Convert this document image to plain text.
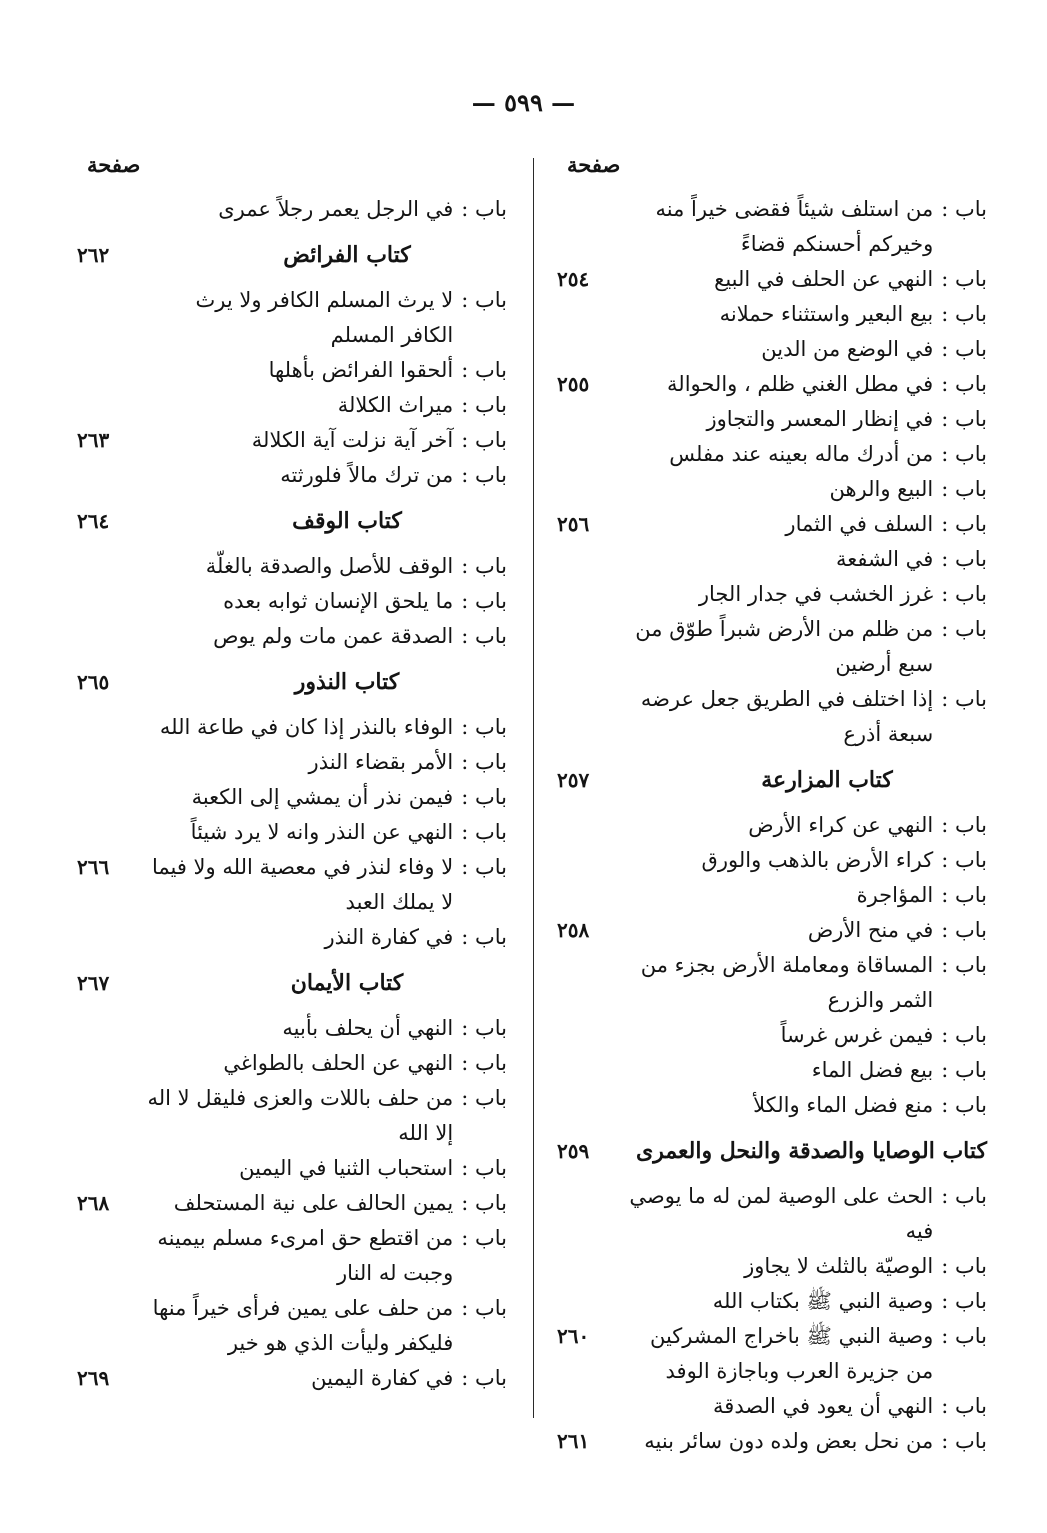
— ٥٩٩ —
صفحة
باب :
من استلف شيئاً فقضى خيراً منه وخيركم أحسنكم قضاءً
باب :
النهي عن الحلف في البيع
٢٥٤
باب :
بيع البعير واستثناء حملانه
باب :
في الوضع من الدين
باب :
في مطل الغني ظلم ، والحوالة
٢٥٥
باب :
في إنظار المعسر والتجاوز
باب :
من أدرك ماله بعينه عند مفلس
باب :
البيع والرهن
باب :
السلف في الثمار
٢٥٦
باب :
في الشفعة
باب :
غرز الخشب في جدار الجار
باب :
من ظلم من الأرض شبراً طوّق من سبع أرضين
باب :
إذا اختلف في الطريق جعل عرضه سبعة أذرع
كتاب المزارعة
٢٥٧
باب :
النهي عن كراء الأرض
باب :
كراء الأرض بالذهب والورق
باب :
المؤاجرة
باب :
في منح الأرض
٢٥٨
باب :
المساقاة ومعاملة الأرض بجزء من الثمر والزرع
باب :
فيمن غرس غرساً
باب :
بيع فضل الماء
باب :
منع فضل الماء والكلأ
كتاب الوصايا والصدقة والنحل والعمرى
٢٥٩
باب :
الحث على الوصية لمن له ما يوصي فيه
باب :
الوصيّة بالثلث لا يجاوز
باب :
وصية النبي ﷺ بكتاب الله
باب :
وصية النبي ﷺ باخراج المشركين من جزيرة العرب وباجازة الوفد
٢٦٠
باب :
النهي أن يعود في الصدقة
باب :
من نحل بعض ولده دون سائر بنيه
٢٦١
صفحة
باب :
في الرجل يعمر رجلاً عمرى
كتاب الفرائض
٢٦٢
باب :
لا يرث المسلم الكافر ولا يرث الكافر المسلم
باب :
ألحقوا الفرائض بأهلها
باب :
ميراث الكلالة
باب :
آخر آية نزلت آية الكلالة
٢٦٣
باب :
من ترك مالاً فلورثته
كتاب الوقف
٢٦٤
باب :
الوقف للأصل والصدقة بالغلّة
باب :
ما يلحق الإنسان ثوابه بعده
باب :
الصدقة عمن مات ولم يوص
كتاب النذور
٢٦٥
باب :
الوفاء بالنذر إذا كان في طاعة الله
باب :
الأمر بقضاء النذر
باب :
فيمن نذر أن يمشي إلى الكعبة
باب :
النهي عن النذر وانه لا يرد شيئاً
باب :
لا وفاء لنذر في معصية الله ولا فيما لا يملك العبد
٢٦٦
باب :
في كفارة النذر
كتاب الأيمان
٢٦٧
باب :
النهي أن يحلف بأبيه
باب :
النهي عن الحلف بالطواغي
باب :
من حلف باللات والعزى فليقل لا اله إلا الله
باب :
استحباب الثنيا في اليمين
باب :
يمين الحالف على نية المستحلف
٢٦٨
باب :
من اقتطع حق امرىء مسلم بيمينه وجبت له النار
باب :
من حلف على يمين فرأى خيراً منها فليكفر وليأت الذي هو خير
باب :
في كفارة اليمين
٢٦٩
